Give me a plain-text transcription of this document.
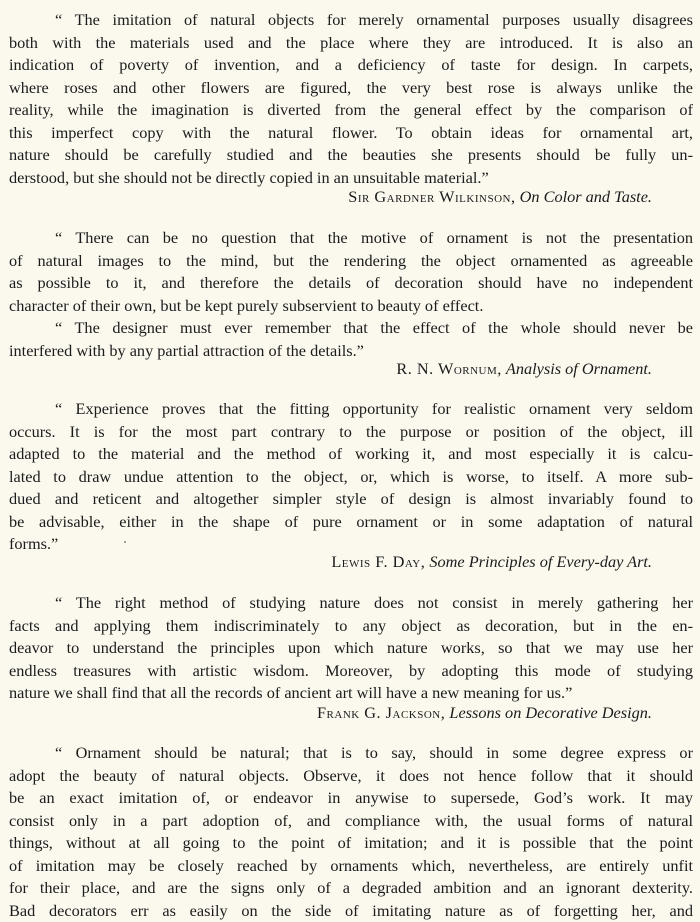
“ The imitation of natural objects for merely ornamental purposes usually disagrees
both with the materials used and the place where they are introduced. It is also an
indication of poverty of invention, and a deficiency of taste for design. In carpets,
where roses and other flowers are figured, the very best rose is always unlike the
reality, while the imagination is diverted from the general effect by the comparison of
this imperfect copy with the natural flower. To obtain ideas for ornamental art,
nature should be carefully studied and the beauties she presents should be fully un-
derstood, but she should not be directly copied in an unsuitable material.”
Sir Gardner Wilkinson, On Color and Taste.
“ There can be no question that the motive of ornament is not the presentation
of natural images to the mind, but the rendering the object ornamented as agreeable
as possible to it, and therefore the details of decoration should have no independent
character of their own, but be kept purely subservient to beauty of effect.
“ The designer must ever remember that the effect of the whole should never be
interfered with by any partial attraction of the details.”
R. N. Wornum, Analysis of Ornament.
“ Experience proves that the fitting opportunity for realistic ornament very seldom
occurs. It is for the most part contrary to the purpose or position of the object, ill
adapted to the material and the method of working it, and most especially it is calcu-
lated to draw undue attention to the object, or, which is worse, to itself. A more sub-
dued and reticent and altogether simpler style of design is almost invariably found to
be advisable, either in the shape of pure ornament or in some adaptation of natural
forms.”
Lewis F. Day, Some Principles of Every-day Art.
“ The right method of studying nature does not consist in merely gathering her
facts and applying them indiscriminately to any object as decoration, but in the en-
deavor to understand the principles upon which nature works, so that we may use her
endless treasures with artistic wisdom. Moreover, by adopting this mode of studying
nature we shall find that all the records of ancient art will have a new meaning for us.”
Frank G. Jackson, Lessons on Decorative Design.
“ Ornament should be natural; that is to say, should in some degree express or
adopt the beauty of natural objects. Observe, it does not hence follow that it should
be an exact imitation of, or endeavor in anywise to supersede, God’s work. It may
consist only in a part adoption of, and compliance with, the usual forms of natural
things, without at all going to the point of imitation; and it is possible that the point
of imitation may be closely reached by ornaments which, nevertheless, are entirely unfit
for their place, and are the signs only of a degraded ambition and an ignorant dexterity.
Bad decorators err as easily on the side of imitating nature as of forgetting her, and
